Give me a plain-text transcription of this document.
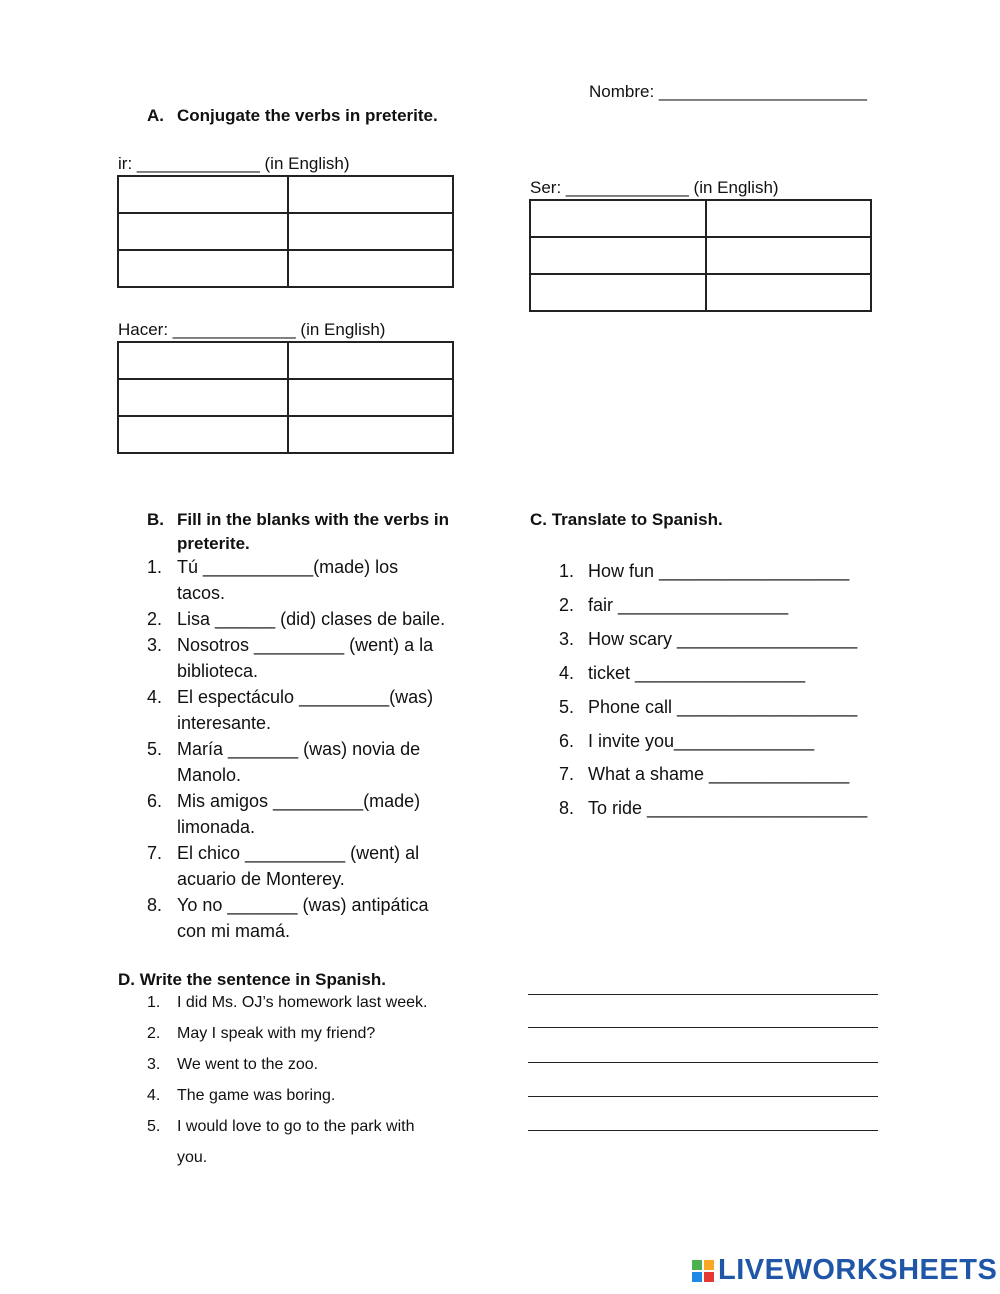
Nombre: ______________________
A. Conjugate the verbs in preterite.
ir: _____________ (in English)

Ser: _____________ (in English)

Hacer: _____________ (in English)

B. Fill in the blanks with the verbs in
preterite.
1. Tú ___________(made) los
tacos.
2. Lisa ______ (did) clases de baile.
3. Nosotros _________ (went) a la
biblioteca.
4. El espectáculo _________(was)
interesante.
5. María _______ (was) novia de
Manolo.
6. Mis amigos _________(made)
limonada.
7. El chico __________ (went) al
acuario de Monterey.
8. Yo no _______ (was) antipática
con mi mamá.
C. Translate to Spanish.
1. How fun ___________________
2. fair _________________
3. How scary __________________
4. ticket _________________
5. Phone call __________________
6. I invite you______________
7. What a shame ______________
8. To ride ______________________
D. Write the sentence in Spanish.
1. I did Ms. OJ’s homework last week.
2. May I speak with my friend?
3. We went to the zoo.
4. The game was boring.
5. I would love to go to the park with
you.
LIVEWORKSHEETS
